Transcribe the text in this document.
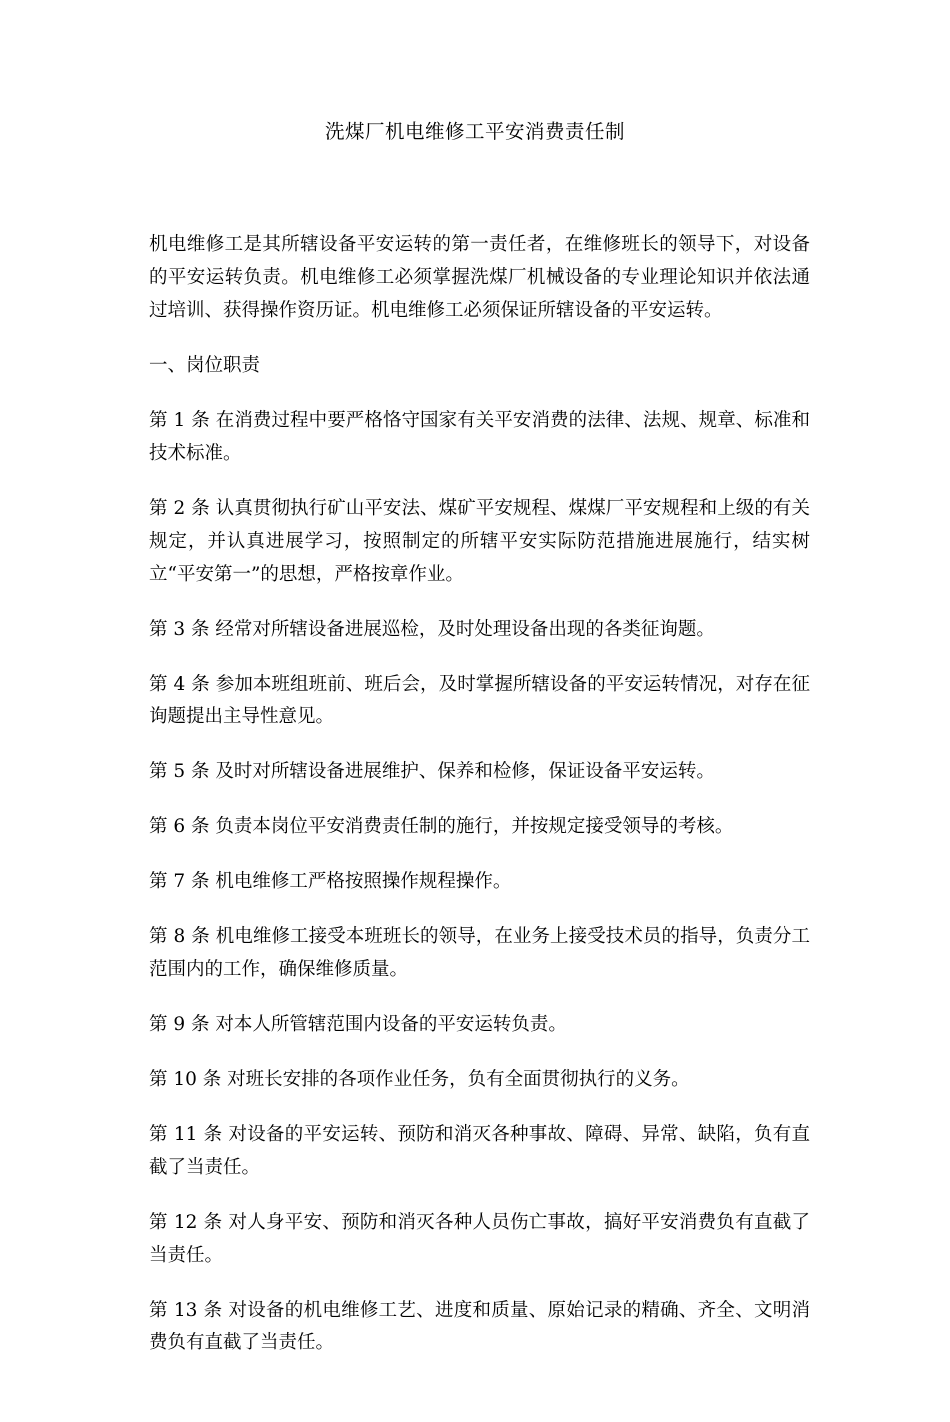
洗煤厂机电维修工平安消费责任制

机电维修工是其所辖设备平安运转的第一责任者，在维修班长的领导下，对设备的平安运转负责。机电维修工必须掌握洗煤厂机械设备的专业理论知识并依法通过培训、获得操作资历证。机电维修工必须保证所辖设备的平安运转。

一、岗位职责

第 1 条 在消费过程中要严格恪守国家有关平安消费的法律、法规、规章、标准和技术标准。

第 2 条 认真贯彻执行矿山平安法、煤矿平安规程、煤煤厂平安规程和上级的有关规定，并认真进展学习，按照制定的所辖平安实际防范措施进展施行，结实树立“平安第一”的思想，严格按章作业。

第 3 条 经常对所辖设备进展巡检，及时处理设备出现的各类征询题。

第 4 条 参加本班组班前、班后会，及时掌握所辖设备的平安运转情况，对存在征询题提出主导性意见。

第 5 条 及时对所辖设备进展维护、保养和检修，保证设备平安运转。

第 6 条 负责本岗位平安消费责任制的施行，并按规定接受领导的考核。

第 7 条 机电维修工严格按照操作规程操作。

第 8 条 机电维修工接受本班班长的领导，在业务上接受技术员的指导，负责分工范围内的工作，确保维修质量。

第 9 条 对本人所管辖范围内设备的平安运转负责。

第 10 条 对班长安排的各项作业任务，负有全面贯彻执行的义务。

第 11 条 对设备的平安运转、预防和消灭各种事故、障碍、异常、缺陷，负有直截了当责任。

第 12 条 对人身平安、预防和消灭各种人员伤亡事故，搞好平安消费负有直截了当责任。

第 13 条 对设备的机电维修工艺、进度和质量、原始记录的精确、齐全、文明消费负有直截了当责任。
